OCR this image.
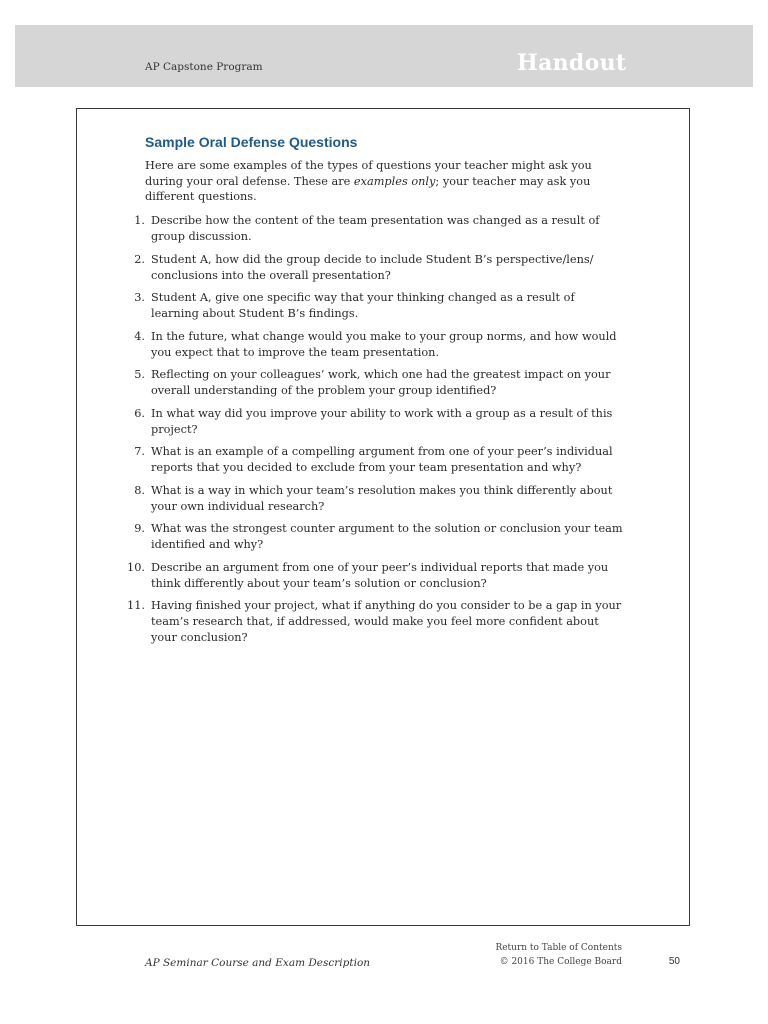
AP Capstone Program	Handout
Sample Oral Defense Questions

Here are some examples of the types of questions your teacher might ask you during your oral defense. These are examples only; your teacher may ask you different questions.

1. Describe how the content of the team presentation was changed as a result of group discussion.
2. Student A, how did the group decide to include Student B’s perspective/lens/ conclusions into the overall presentation?
3. Student A, give one specific way that your thinking changed as a result of learning about Student B’s findings.
4. In the future, what change would you make to your group norms, and how would you expect that to improve the team presentation.
5. Reflecting on your colleagues’ work, which one had the greatest impact on your overall understanding of the problem your group identified?
6. In what way did you improve your ability to work with a group as a result of this project?
7. What is an example of a compelling argument from one of your peer’s individual reports that you decided to exclude from your team presentation and why?
8. What is a way in which your team’s resolution makes you think differently about your own individual research?
9. What was the strongest counter argument to the solution or conclusion your team identified and why?
10. Describe an argument from one of your peer’s individual reports that made you think differently about your team’s solution or conclusion?
11. Having finished your project, what if anything do you consider to be a gap in your team’s research that, if addressed, would make you feel more confident about your conclusion?
AP Seminar Course and Exam Description
Return to Table of Contents
© 2016 The College Board	50
